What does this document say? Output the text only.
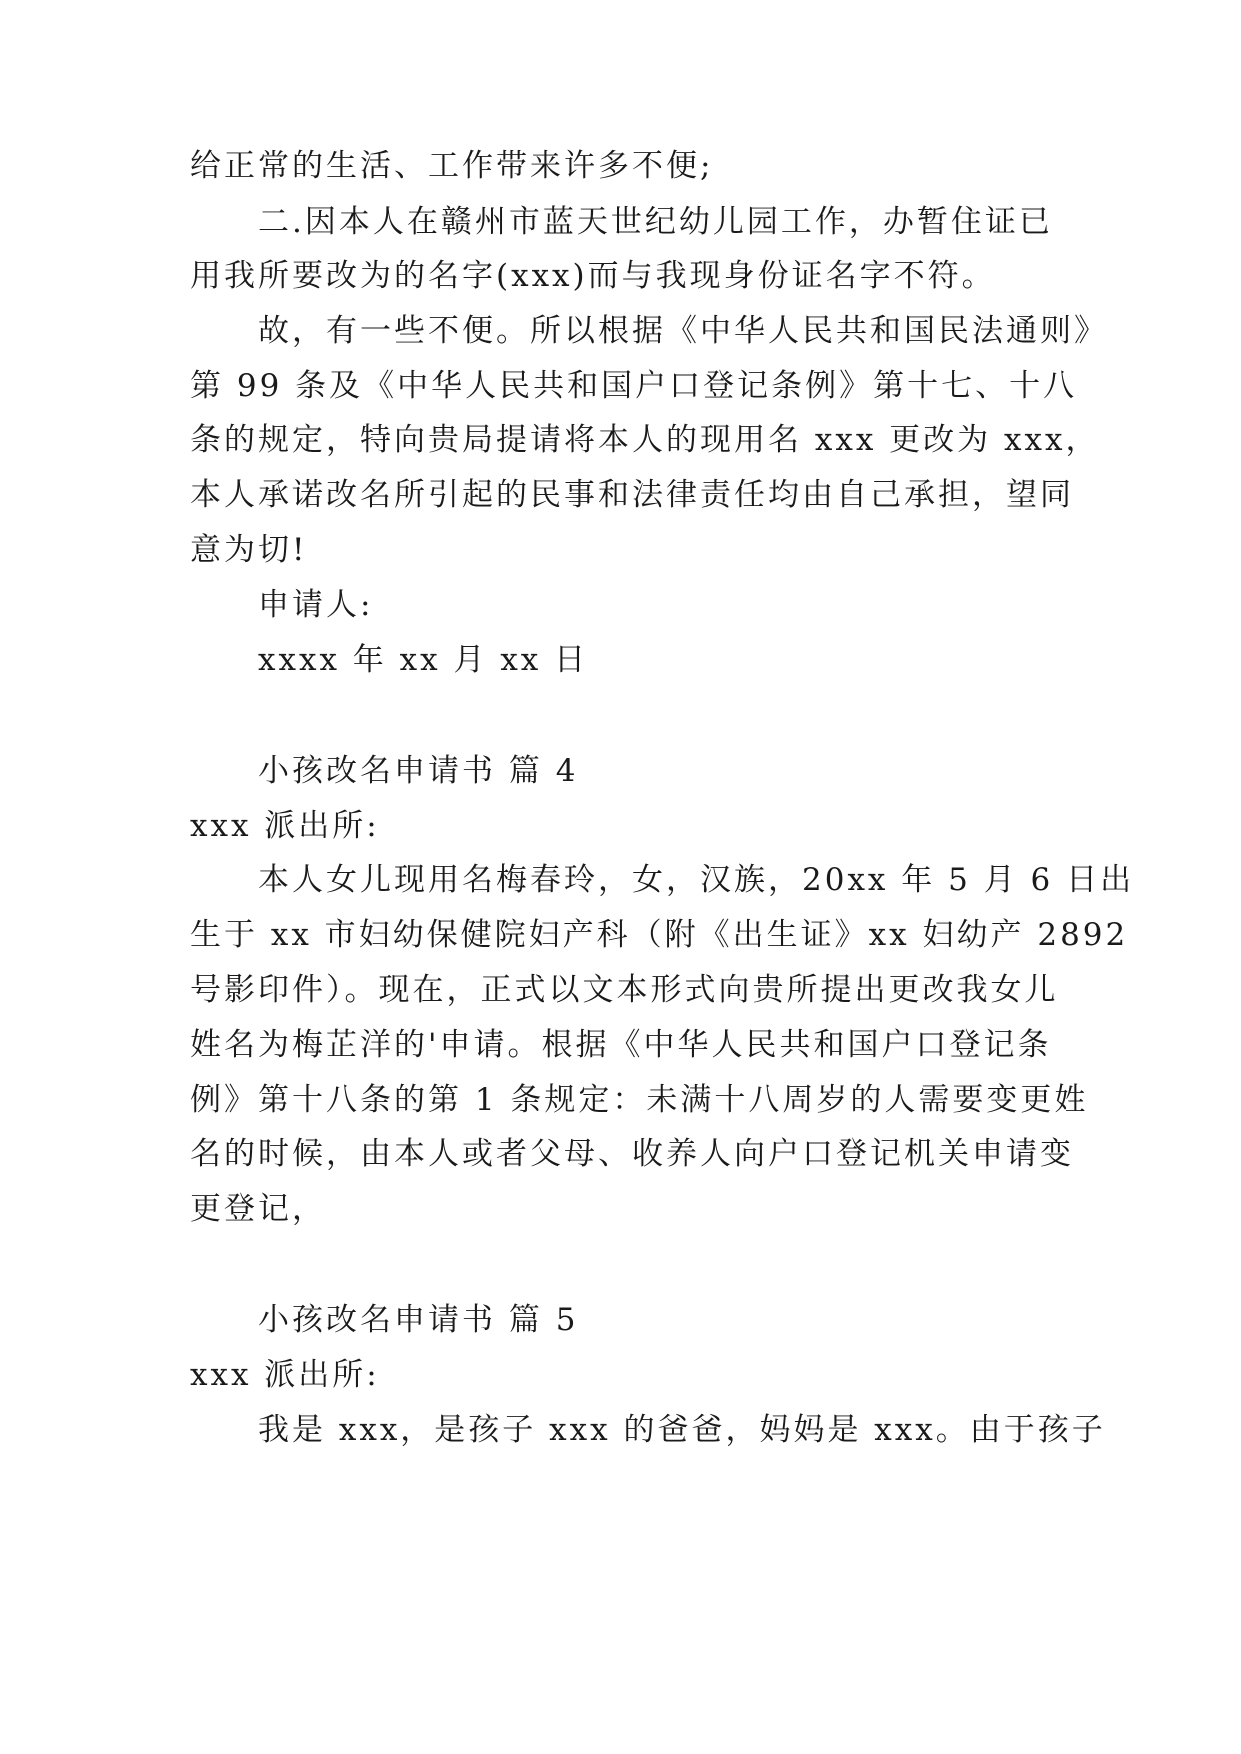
给正常的生活、工作带来许多不便;
二.因本人在赣州市蓝天世纪幼儿园工作，办暂住证已
用我所要改为的名字(xxx)而与我现身份证名字不符。
故，有一些不便。所以根据《中华人民共和国民法通则》
第 99 条及《中华人民共和国户口登记条例》第十七、十八
条的规定，特向贵局提请将本人的现用名 xxx 更改为 xxx，
本人承诺改名所引起的民事和法律责任均由自己承担，望同
意为切!
申请人:
xxxx 年 xx 月 xx 日
小孩改名申请书 篇 4
xxx 派出所:
本人女儿现用名梅春玲，女，汉族，20xx 年 5 月 6 日出
生于 xx 市妇幼保健院妇产科（附《出生证》xx 妇幼产 2892
号影印件）。现在，正式以文本形式向贵所提出更改我女儿
姓名为梅芷洋的'申请。根据《中华人民共和国户口登记条
例》第十八条的第 1 条规定：未满十八周岁的人需要变更姓
名的时候，由本人或者父母、收养人向户口登记机关申请变
更登记，
小孩改名申请书 篇 5
xxx 派出所:
我是 xxx，是孩子 xxx 的爸爸，妈妈是 xxx。由于孩子
